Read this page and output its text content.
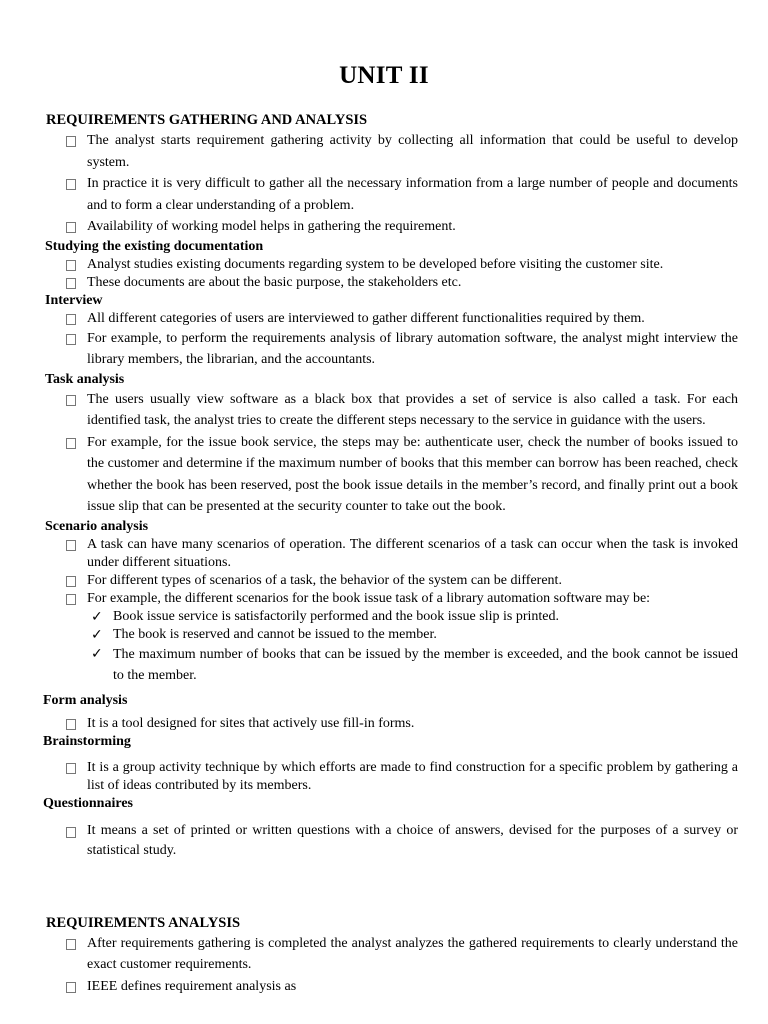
UNIT II
REQUIREMENTS GATHERING AND ANALYSIS
The analyst starts requirement gathering activity by collecting all information that could be useful to develop system.
In practice it is very difficult to gather all the necessary information from a large number of people and documents and to form a clear understanding of a problem.
Availability of working model helps in gathering the requirement.
Studying the existing documentation
Analyst studies existing documents regarding system to be developed before visiting the customer site.
These documents are about the basic purpose, the stakeholders etc.
Interview
All different categories of users are interviewed to gather different functionalities required by them.
For example, to perform the requirements analysis of library automation software, the analyst might interview the library members, the librarian, and the accountants.
Task analysis
The users usually view software as a black box that provides a set of service is also called a task. For each identified task, the analyst tries to create the different steps necessary to the service in guidance with the users.
For example, for the issue book service, the steps may be: authenticate user, check the number of books issued to the customer and determine if the maximum number of books that this member can borrow has been reached, check whether the book has been reserved, post the book issue details in the member’s record, and finally print out a book issue slip that can be presented at the security counter to take out the book.
Scenario analysis
A task can have many scenarios of operation. The different scenarios of a task can occur when the task is invoked under different situations.
For different types of scenarios of a task, the behavior of the system can be different.
For example, the different scenarios for the book issue task of a library automation software may be:
✓ Book issue service is satisfactorily performed and the book issue slip is printed.
✓ The book is reserved and cannot be issued to the member.
✓ The maximum number of books that can be issued by the member is exceeded, and the book cannot be issued to the member.
Form analysis
It is a tool designed for sites that actively use fill-in forms.
Brainstorming
It is a group activity technique by which efforts are made to find construction for a specific problem by gathering a list of ideas contributed by its members.
Questionnaires
It means a set of printed or written questions with a choice of answers, devised for the purposes of a survey or statistical study.
REQUIREMENTS ANALYSIS
After requirements gathering is completed the analyst analyzes the gathered requirements to clearly understand the exact customer requirements.
IEEE defines requirement analysis as
